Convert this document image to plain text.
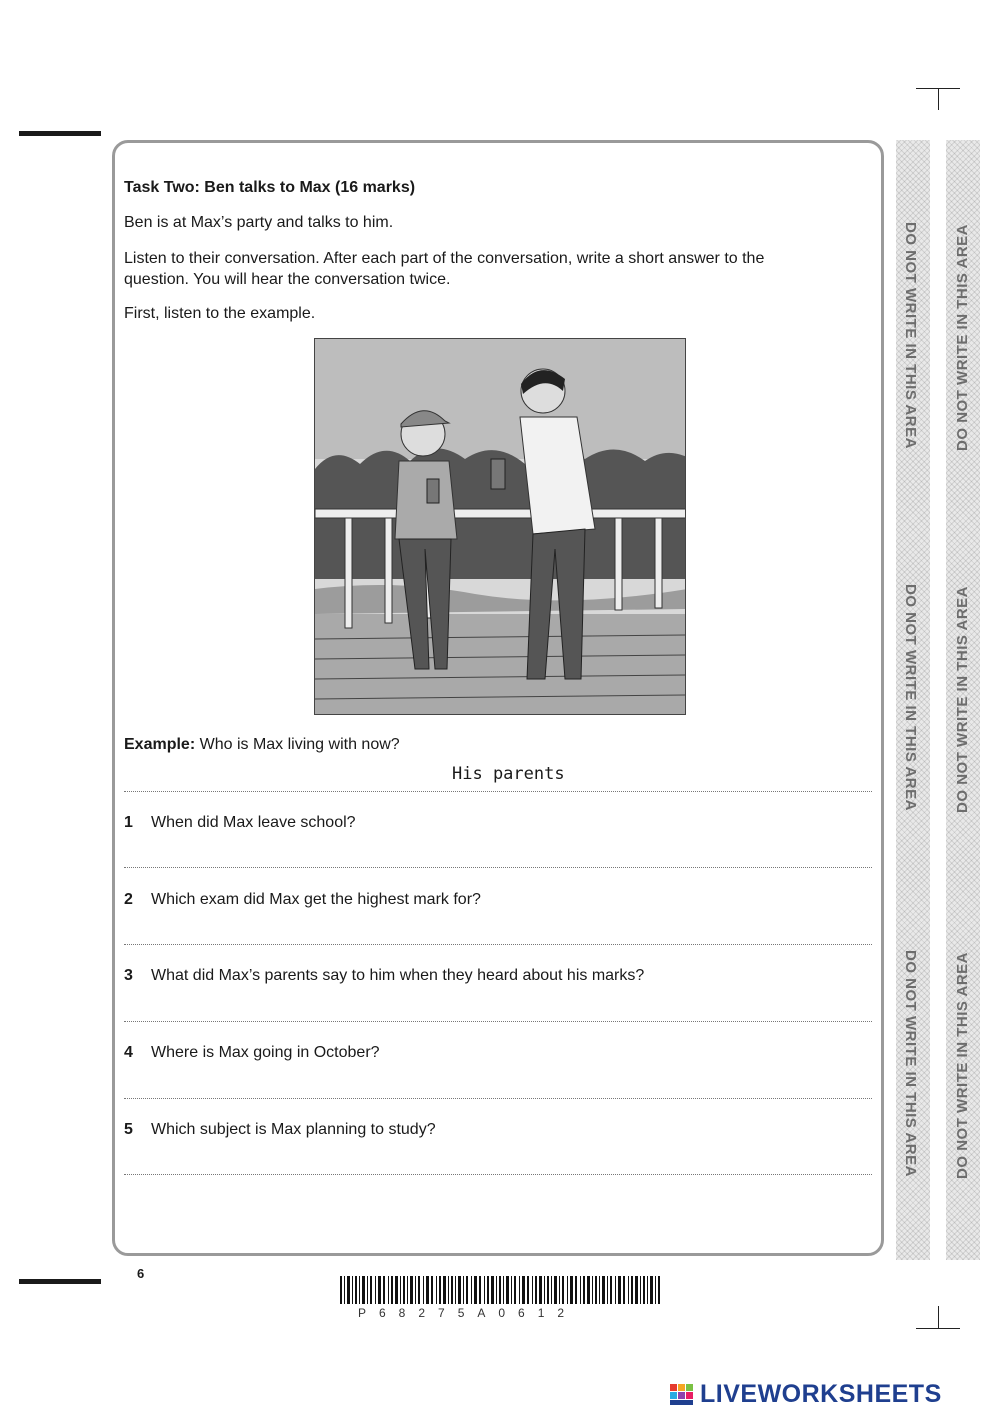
DO NOT WRITE IN THIS AREA
DO NOT WRITE IN THIS AREA
DO NOT WRITE IN THIS AREA
DO NOT WRITE IN THIS AREA
DO NOT WRITE IN THIS AREA
DO NOT WRITE IN THIS AREA
Task Two: Ben talks to Max (16 marks)
Ben is at Max’s party and talks to him.
Listen to their conversation. After each part of the conversation, write a short answer to the question. You will hear the conversation twice.
First, listen to the example.
Example: Who is Max living with now?
His parents
1 When did Max leave school?
2 Which exam did Max get the highest mark for?
3 What did Max’s parents say to him when they heard about his marks?
4 Where is Max going in October?
5 Which subject is Max planning to study?
6
P68275A0612
LIVEWORKSHEETS
